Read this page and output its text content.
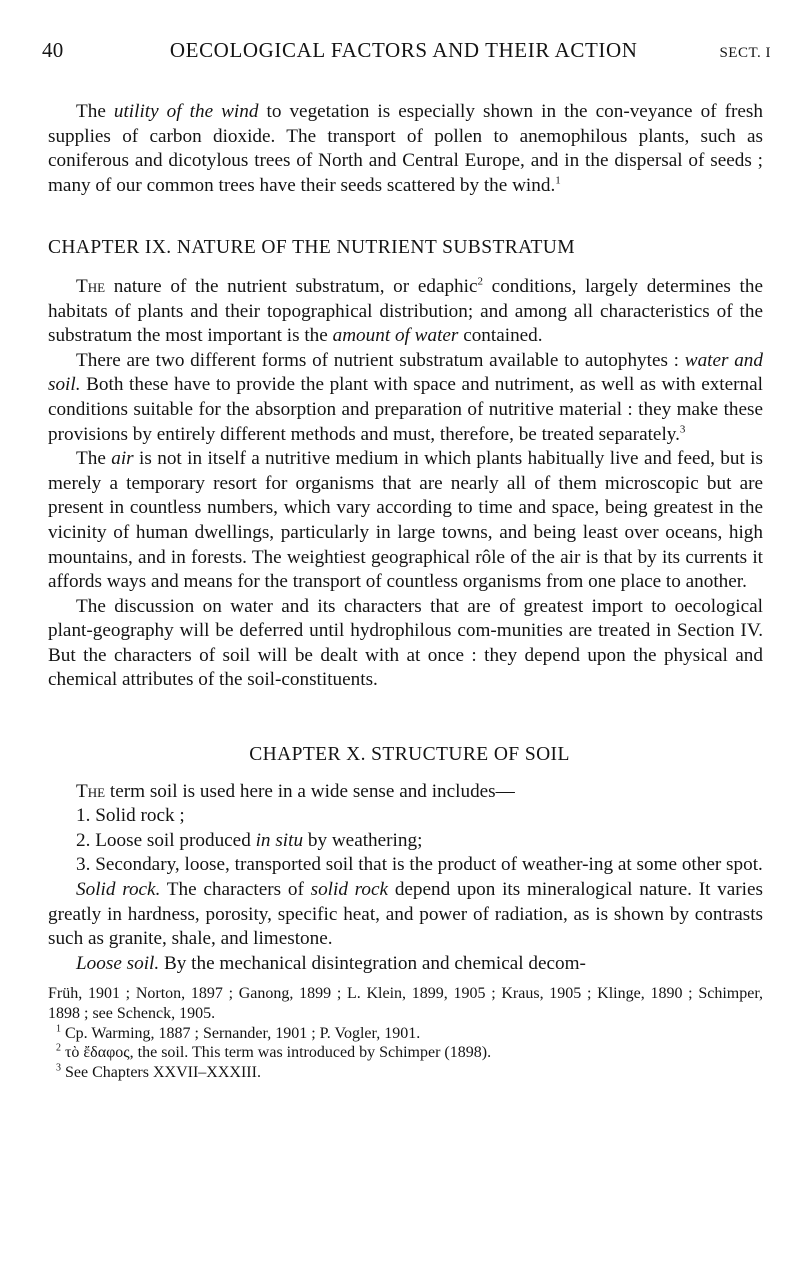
40	OECOLOGICAL FACTORS AND THEIR ACTION	SECT. I

The utility of the wind to vegetation is especially shown in the con-veyance of fresh supplies of carbon dioxide. The transport of pollen to anemophilous plants, such as coniferous and dicotylous trees of North and Central Europe, and in the dispersal of seeds ; many of our common trees have their seeds scattered by the wind.$^1$

CHAPTER IX. NATURE OF THE NUTRIENT SUBSTRATUM

The nature of the nutrient substratum, or edaphic$^2$ conditions, largely determines the habitats of plants and their topographical distribution; and among all characteristics of the substratum the most important is the amount of water contained.

There are two different forms of nutrient substratum available to autophytes : water and soil. Both these have to provide the plant with space and nutriment, as well as with external conditions suitable for the absorption and preparation of nutritive material : they make these provisions by entirely different methods and must, therefore, be treated separately.$^3$

The air is not in itself a nutritive medium in which plants habitually live and feed, but is merely a temporary resort for organisms that are nearly all of them microscopic but are present in countless numbers, which vary according to time and space, being greatest in the vicinity of human dwellings, particularly in large towns, and being least over oceans, high mountains, and in forests. The weightiest geographical rôle of the air is that by its currents it affords ways and means for the transport of countless organisms from one place to another.

The discussion on water and its characters that are of greatest import to oecological plant-geography will be deferred until hydrophilous com-munities are treated in Section IV. But the characters of soil will be dealt with at once : they depend upon the physical and chemical attributes of the soil-constituents.

CHAPTER X. STRUCTURE OF SOIL

The term soil is used here in a wide sense and includes—

1. Solid rock ;
2. Loose soil produced in situ by weathering;
3. Secondary, loose, transported soil that is the product of weather-ing at some other spot.

Solid rock. The characters of solid rock depend upon its mineralogical nature. It varies greatly in hardness, porosity, specific heat, and power of radiation, as is shown by contrasts such as granite, shale, and limestone.

Loose soil. By the mechanical disintegration and chemical decom-

Früh, 1901 ; Norton, 1897 ; Ganong, 1899 ; L. Klein, 1899, 1905 ; Kraus, 1905 ; Klinge, 1890 ; Schimper, 1898 ; see Schenck, 1905.

$^1$ Cp. Warming, 1887 ; Sernander, 1901 ; P. Vogler, 1901.

$^2$ τὸ ἔδαφος, the soil. This term was introduced by Schimper (1898).

$^3$ See Chapters XXVII–XXXIII.
